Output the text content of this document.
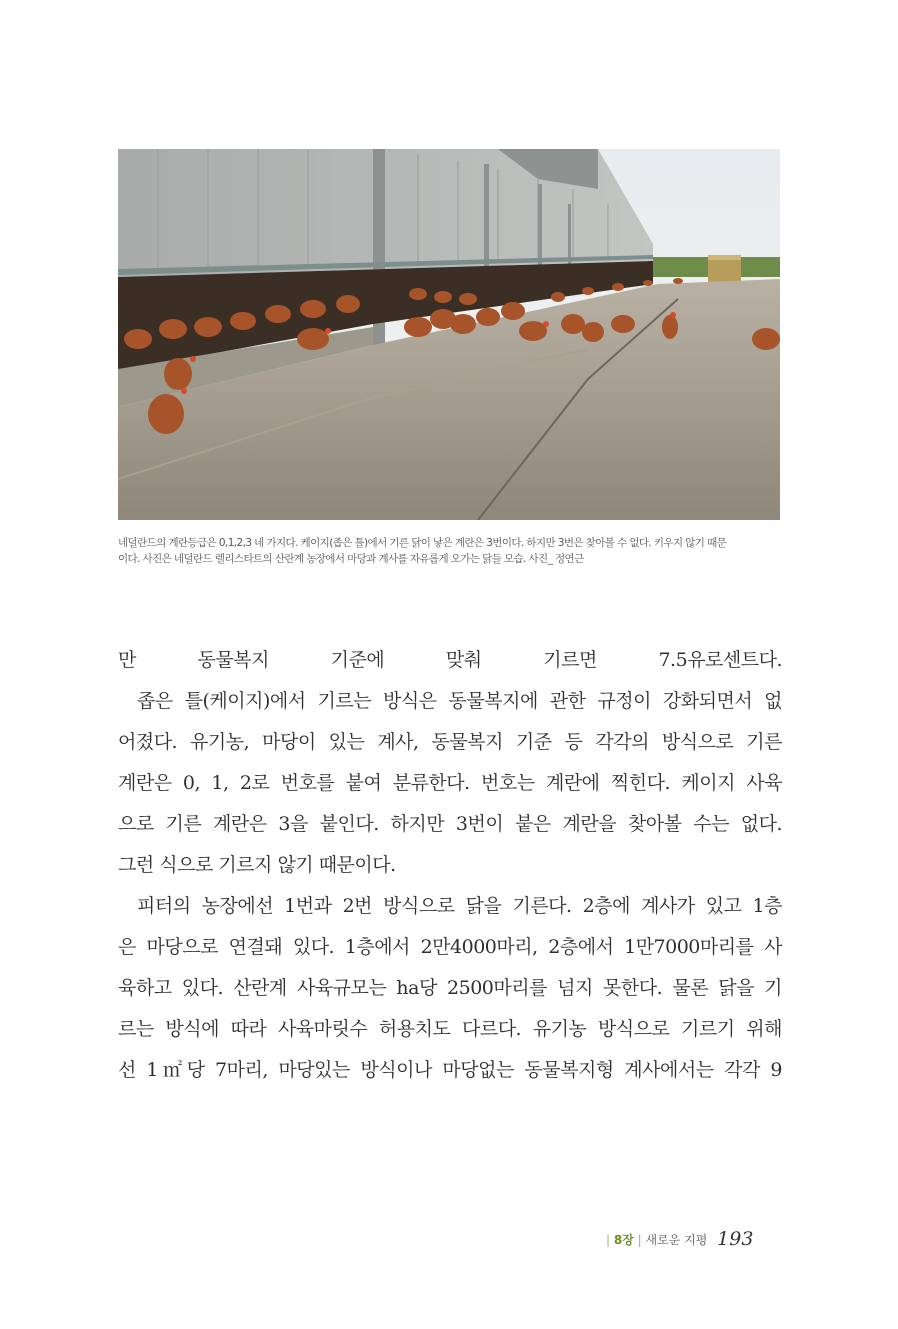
네덜란드의 계란등급은 0,1,2,3 네 가지다. 케이지(좁은 틀)에서 기른 닭이 낳은 계란은 3번이다. 하지만 3번은 찾아볼 수 없다. 키우지 않기 때문
이다. 사진은 네덜란드 렐리스타트의 산란계 농장에서 마당과 계사를 자유롭게 오가는 닭들 모습. 사진_ 정연근
만 동물복지 기준에 맞춰 기르면 7.5유로센트다.
좁은 틀(케이지)에서 기르는 방식은 동물복지에 관한 규정이 강화되면서 없
어졌다. 유기농, 마당이 있는 계사, 동물복지 기준 등 각각의 방식으로 기른
계란은 0, 1, 2로 번호를 붙여 분류한다. 번호는 계란에 찍힌다. 케이지 사육
으로 기른 계란은 3을 붙인다. 하지만 3번이 붙은 계란을 찾아볼 수는 없다.
그런 식으로 기르지 않기 때문이다.
피터의 농장에선 1번과 2번 방식으로 닭을 기른다. 2층에 계사가 있고 1층
은 마당으로 연결돼 있다. 1층에서 2만4000마리, 2층에서 1만7000마리를 사
육하고 있다. 산란계 사육규모는 ha당 2500마리를 넘지 못한다. 물론 닭을 기
르는 방식에 따라 사육마릿수 허용치도 다르다. 유기농 방식으로 기르기 위해
선 1㎡당 7마리, 마당있는 방식이나 마당없는 동물복지형 계사에서는 각각 9
| 8장 | 새로운 지평 193
